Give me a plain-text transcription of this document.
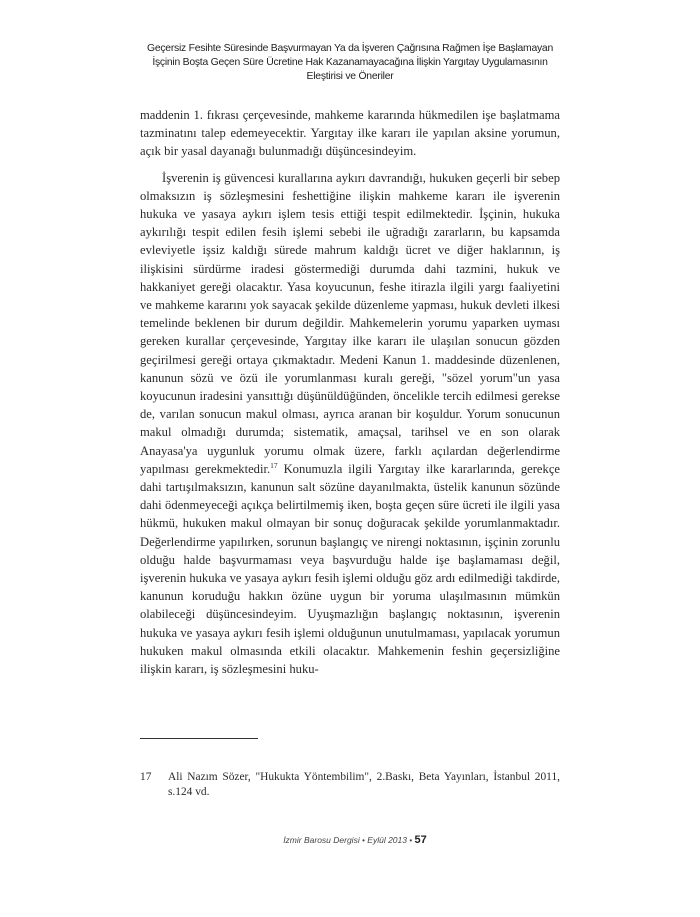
Geçersiz Fesihte Süresinde Başvurmayan Ya da İşveren Çağrısına Rağmen İşe Başlamayan
İşçinin Boşta Geçen Süre Ücretine Hak Kazanamayacağına İlişkin Yargıtay Uygulamasının
Eleştirisi ve Öneriler

maddenin 1. fıkrası çerçevesinde, mahkeme kararında hükmedilen işe başlatmama tazminatını talep edemeyecektir. Yargıtay ilke kararı ile yapılan aksine yorumun, açık bir yasal dayanağı bulunmadığı düşüncesindeyim.

İşverenin iş güvencesi kurallarına aykırı davrandığı, hukuken geçerli bir sebep olmaksızın iş sözleşmesini feshettiğine ilişkin mahkeme kararı ile işverenin hukuka ve yasaya aykırı işlem tesis ettiği tespit edilmektedir. İşçinin, hukuka aykırılığı tespit edilen fesih işlemi sebebi ile uğradığı zararların, bu kapsamda evleviyetle işsiz kaldığı sürede mahrum kaldığı ücret ve diğer haklarının, iş ilişkisini sürdürme iradesi göstermediği durumda dahi tazmini, hukuk ve hakkaniyet gereği olacaktır. Yasa koyucunun, feshe itirazla ilgili yargı faaliyetini ve mahkeme kararını yok sayacak şekilde düzenleme yapması, hukuk devleti ilkesi temelinde beklenen bir durum değildir. Mahkemelerin yorumu yaparken uyması gereken kurallar çerçevesinde, Yargıtay ilke kararı ile ulaşılan sonucun gözden geçirilmesi gereği ortaya çıkmaktadır. Medeni Kanun 1. maddesinde düzenlenen, kanunun sözü ve özü ile yorumlanması kuralı gereği, "sözel yorum"un yasa koyucunun iradesini yansıttığı düşünüldüğünden, öncelikle tercih edilmesi gerekse de, varılan sonucun makul olması, ayrıca aranan bir koşuldur. Yorum sonucunun makul olmadığı durumda; sistematik, amaçsal, tarihsel ve en son olarak Anayasa'ya uygunluk yorumu olmak üzere, farklı açılardan değerlendirme yapılması gerekmektedir.$^{17}$ Konumuzla ilgili Yargıtay ilke kararlarında, gerekçe dahi tartışılmaksızın, kanunun salt sözüne dayanılmakta, üstelik kanunun sözünde dahi ödenmeyeceği açıkça belirtilmemiş iken, boşta geçen süre ücreti ile ilgili yasa hükmü, hukuken makul olmayan bir sonuç doğuracak şekilde yorumlanmaktadır. Değerlendirme yapılırken, sorunun başlangıç ve nirengi noktasının, işçinin zorunlu olduğu halde başvurmaması veya başvurduğu halde işe başlamaması değil, işverenin hukuka ve yasaya aykırı fesih işlemi olduğu göz ardı edilmediği takdirde, kanunun koruduğu hakkın özüne uygun bir yoruma ulaşılmasının mümkün olabileceği düşüncesindeyim. Uyuşmazlığın başlangıç noktasının, işverenin hukuka ve yasaya aykırı fesih işlemi olduğunun unutulmaması, yapılacak yorumun hukuken makul olmasında etkili olacaktır. Mahkemenin feshin geçersizliğine ilişkin kararı, iş sözleşmesini huku-

17 Ali Nazım Sözer, "Hukukta Yöntembilim", 2.Baskı, Beta Yayınları, İstanbul 2011, s.124 vd.
İzmir Barosu Dergisi • Eylül 2013 • 57
